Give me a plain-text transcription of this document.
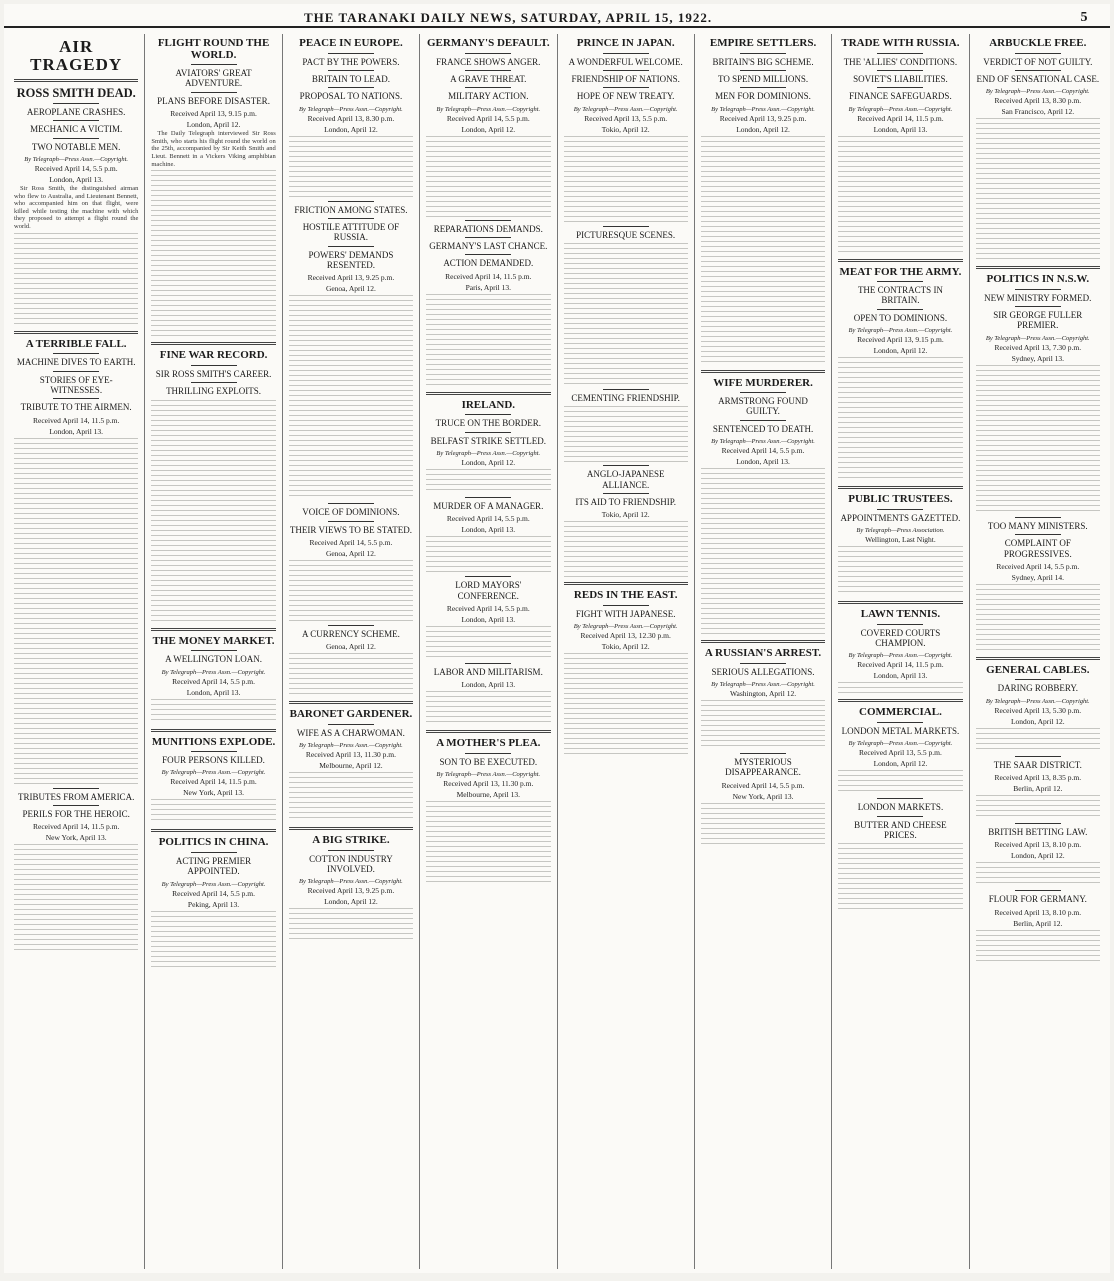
THE TARANAKI DAILY NEWS, SATURDAY, APRIL 15, 1922.	5
AIR TRAGEDY
ROSS SMITH DEAD.
AEROPLANE CRASHES.
MECHANIC A VICTIM.
TWO NOTABLE MEN.
By Telegraph—Press Assn.—Copyright.
Received April 14, 5.5 p.m.
London, April 13.

Sir Ross Smith, the distinguished airman who flew to Australia, and Lieutenant Bennett, who accompanied him on that flight, were killed while testing the machine with which they proposed to attempt a flight round the world.

A TERRIBLE FALL.
MACHINE DIVES TO EARTH.
STORIES OF EYE-WITNESSES.
TRIBUTE TO THE AIRMEN.
Received April 14, 11.5 p.m.
London, April 13.
TRIBUTES FROM AMERICA.
PERILS FOR THE HEROIC.
Received April 14, 11.5 p.m.
New York, April 13.
FLIGHT ROUND THE WORLD.
AVIATORS' GREAT ADVENTURE.
PLANS BEFORE DISASTER.
Received April 13, 9.15 p.m.
London, April 12.

The Daily Telegraph interviewed Sir Ross Smith, who starts his flight round the world on the 25th, accompanied by Sir Keith Smith and Lieut. Bennett in a Vickers Viking amphibian machine.

FINE WAR RECORD.
SIR ROSS SMITH'S CAREER.
THRILLING EXPLOITS.
THE MONEY MARKET.
A WELLINGTON LOAN.
By Telegraph—Press Assn.—Copyright.
Received April 14, 5.5 p.m.
London, April 13.
MUNITIONS EXPLODE.
FOUR PERSONS KILLED.
By Telegraph—Press Assn.—Copyright.
Received April 14, 11.5 p.m.
New York, April 13.
POLITICS IN CHINA.
ACTING PREMIER APPOINTED.
By Telegraph—Press Assn.—Copyright.
Received April 14, 5.5 p.m.
Peking, April 13.
PEACE IN EUROPE.
PACT BY THE POWERS.
BRITAIN TO LEAD.
PROPOSAL TO NATIONS.
By Telegraph—Press Assn.—Copyright.
Received April 13, 8.30 p.m.
London, April 12.
FRICTION AMONG STATES.
HOSTILE ATTITUDE OF RUSSIA.
POWERS' DEMANDS RESENTED.
Received April 13, 9.25 p.m.
Genoa, April 12.
VOICE OF DOMINIONS.
THEIR VIEWS TO BE STATED.
Received April 14, 5.5 p.m.
Genoa, April 12.
A CURRENCY SCHEME.
Genoa, April 12.
BARONET GARDENER.
WIFE AS A CHARWOMAN.
By Telegraph—Press Assn.—Copyright.
Received April 13, 11.30 p.m.
Melbourne, April 12.
A BIG STRIKE.
COTTON INDUSTRY INVOLVED.
By Telegraph—Press Assn.—Copyright.
Received April 13, 9.25 p.m.
London, April 12.
GERMANY'S DEFAULT.
FRANCE SHOWS ANGER.
A GRAVE THREAT.
MILITARY ACTION.
By Telegraph—Press Assn.—Copyright.
Received April 14, 5.5 p.m.
London, April 12.
REPARATIONS DEMANDS.
GERMANY'S LAST CHANCE.
ACTION DEMANDED.
Received April 14, 11.5 p.m.
Paris, April 13.
IRELAND.
TRUCE ON THE BORDER.
BELFAST STRIKE SETTLED.
By Telegraph—Press Assn.—Copyright.
London, April 12.
MURDER OF A MANAGER.
Received April 14, 5.5 p.m.
London, April 13.
LORD MAYORS' CONFERENCE.
Received April 14, 5.5 p.m.
London, April 13.
LABOR AND MILITARISM.
London, April 13.
A MOTHER'S PLEA.
SON TO BE EXECUTED.
By Telegraph—Press Assn.—Copyright.
Received April 13, 11.30 p.m.
Melbourne, April 13.
PRINCE IN JAPAN.
A WONDERFUL WELCOME.
FRIENDSHIP OF NATIONS.
HOPE OF NEW TREATY.
By Telegraph—Press Assn.—Copyright.
Received April 13, 5.5 p.m.
Tokio, April 12.
PICTURESQUE SCENES.
CEMENTING FRIENDSHIP.
ANGLO-JAPANESE ALLIANCE.
ITS AID TO FRIENDSHIP.
Tokio, April 12.
REDS IN THE EAST.
FIGHT WITH JAPANESE.
By Telegraph—Press Assn.—Copyright.
Received April 13, 12.30 p.m.
Tokio, April 12.
EMPIRE SETTLERS.
BRITAIN'S BIG SCHEME.
TO SPEND MILLIONS.
MEN FOR DOMINIONS.
By Telegraph—Press Assn.—Copyright.
Received April 13, 9.25 p.m.
London, April 12.
WIFE MURDERER.
ARMSTRONG FOUND GUILTY.
SENTENCED TO DEATH.
By Telegraph—Press Assn.—Copyright.
Received April 14, 5.5 p.m.
London, April 13.
A RUSSIAN'S ARREST.
SERIOUS ALLEGATIONS.
By Telegraph—Press Assn.—Copyright.
Washington, April 12.
MYSTERIOUS DISAPPEARANCE.
Received April 14, 5.5 p.m.
New York, April 13.
TRADE WITH RUSSIA.
THE 'ALLIES' CONDITIONS.
SOVIET'S LIABILITIES.
FINANCE SAFEGUARDS.
By Telegraph—Press Assn.—Copyright.
Received April 14, 11.5 p.m.
London, April 13.
MEAT FOR THE ARMY.
THE CONTRACTS IN BRITAIN.
OPEN TO DOMINIONS.
By Telegraph—Press Assn.—Copyright.
Received April 13, 9.15 p.m.
London, April 12.
PUBLIC TRUSTEES.
APPOINTMENTS GAZETTED.
By Telegraph—Press Association.
Wellington, Last Night.
LAWN TENNIS.
COVERED COURTS CHAMPION.
By Telegraph—Press Assn.—Copyright.
Received April 14, 11.5 p.m.
London, April 13.
COMMERCIAL.
LONDON METAL MARKETS.
By Telegraph—Press Assn.—Copyright.
Received April 13, 5.5 p.m.
London, April 12.
LONDON MARKETS.
BUTTER AND CHEESE PRICES.
ARBUCKLE FREE.
VERDICT OF NOT GUILTY.
END OF SENSATIONAL CASE.
By Telegraph—Press Assn.—Copyright.
Received April 13, 8.30 p.m.
San Francisco, April 12.
POLITICS IN N.S.W.
NEW MINISTRY FORMED.
SIR GEORGE FULLER PREMIER.
By Telegraph—Press Assn.—Copyright.
Received April 13, 7.30 p.m.
Sydney, April 13.
TOO MANY MINISTERS.
COMPLAINT OF PROGRESSIVES.
Received April 14, 5.5 p.m.
Sydney, April 14.
GENERAL CABLES.
DARING ROBBERY.
By Telegraph—Press Assn.—Copyright.
Received April 13, 5.30 p.m.
London, April 12.
THE SAAR DISTRICT.
Received April 13, 8.35 p.m.
Berlin, April 12.
BRITISH BETTING LAW.
Received April 13, 8.10 p.m.
London, April 12.
FLOUR FOR GERMANY.
Received April 13, 8.10 p.m.
Berlin, April 12.
